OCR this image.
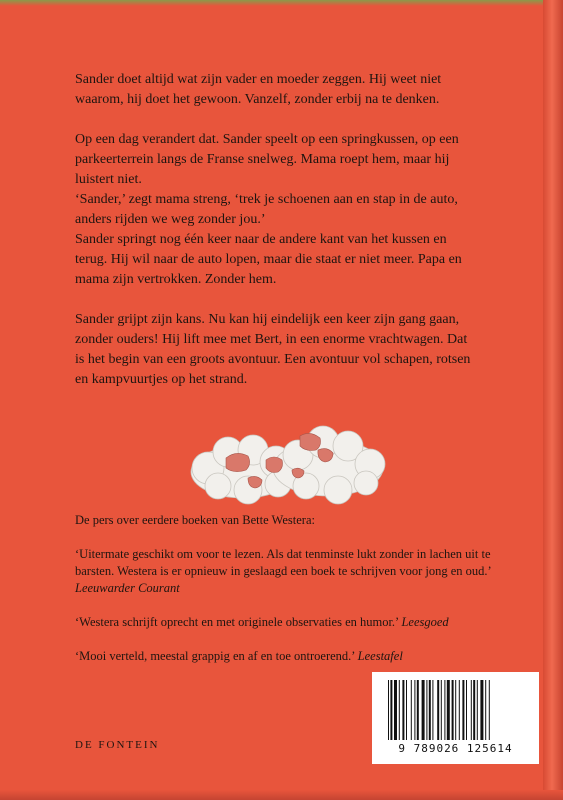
Sander doet altijd wat zijn vader en moeder zeggen. Hij weet niet waarom, hij doet het gewoon. Vanzelf, zonder erbij na te denken.

Op een dag verandert dat. Sander speelt op een springkussen, op een parkeerterrein langs de Franse snelweg. Mama roept hem, maar hij luistert niet.

‘Sander,’ zegt mama streng, ‘trek je schoenen aan en stap in de auto, anders rijden we weg zonder jou.’

Sander springt nog één keer naar de andere kant van het kussen en terug. Hij wil naar de auto lopen, maar die staat er niet meer. Papa en mama zijn vertrokken. Zonder hem.

Sander grijpt zijn kans. Nu kan hij eindelijk een keer zijn gang gaan, zonder ouders! Hij lift mee met Bert, in een enorme vrachtwagen. Dat is het begin van een groots avontuur. Een avontuur vol schapen, rotsen en kampvuurtjes op het strand.

De pers over eerdere boeken van Bette Westera:

‘Uitermate geschikt om voor te lezen. Als dat tenminste lukt zonder in lachen uit te barsten. Westera is er opnieuw in geslaagd een boek te schrijven voor jong en oud.’ Leeuwarder Courant

‘Westera schrijft oprecht en met originele observaties en humor.’ Leesgoed

‘Mooi verteld, meestal grappig en af en toe ontroerend.’ Leestafel

DE FONTEIN	9 789026 125614
